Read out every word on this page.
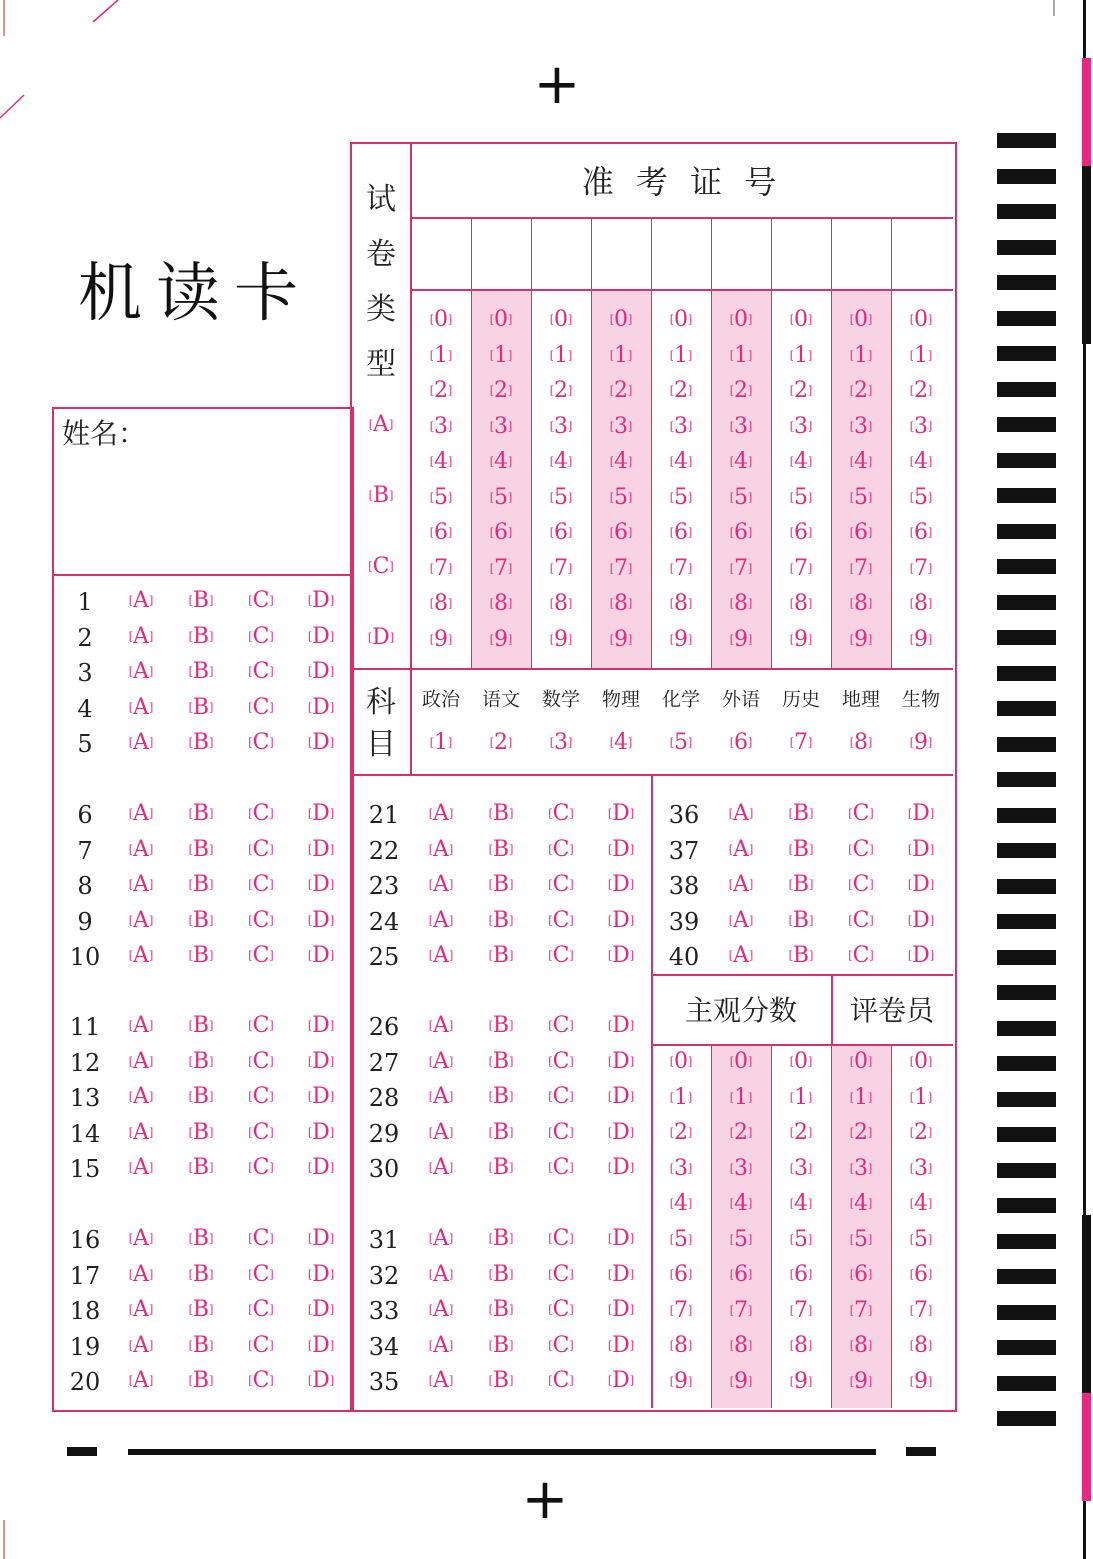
+
+
机读卡
姓名：
准 考 证 号
[0]	[0]	[0]	[0]	[0]	[0]	[0]	[0]	[0]
[1]	[1]	[1]	[1]	[1]	[1]	[1]	[1]	[1]
[2]	[2]	[2]	[2]	[2]	[2]	[2]	[2]	[2]
[3]	[3]	[3]	[3]	[3]	[3]	[3]	[3]	[3]
[4]	[4]	[4]	[4]	[4]	[4]	[4]	[4]	[4]
[5]	[5]	[5]	[5]	[5]	[5]	[5]	[5]	[5]
[6]	[6]	[6]	[6]	[6]	[6]	[6]	[6]	[6]
[7]	[7]	[7]	[7]	[7]	[7]	[7]	[7]	[7]
[8]	[8]	[8]	[8]	[8]	[8]	[8]	[8]	[8]
[9]	[9]	[9]	[9]	[9]	[9]	[9]	[9]	[9]
试
卷
类
型
[A]
[B]
[C]
[D]
科
目
政治 语文 数学 物理 化学 外语 历史 地理 生物
[1]	[2]	[3]	[4]	[5]	[6]	[7]	[8]	[9]
1	[A]	[B]	[C]	[D]
2	[A]	[B]	[C]	[D]
3	[A]	[B]	[C]	[D]
4	[A]	[B]	[C]	[D]
5	[A]	[B]	[C]	[D]
6	[A]	[B]	[C]	[D]
7	[A]	[B]	[C]	[D]
8	[A]	[B]	[C]	[D]
9	[A]	[B]	[C]	[D]
10	[A]	[B]	[C]	[D]
11	[A]	[B]	[C]	[D]
12	[A]	[B]	[C]	[D]
13	[A]	[B]	[C]	[D]
14	[A]	[B]	[C]	[D]
15	[A]	[B]	[C]	[D]
16	[A]	[B]	[C]	[D]
17	[A]	[B]	[C]	[D]
18	[A]	[B]	[C]	[D]
19	[A]	[B]	[C]	[D]
20	[A]	[B]	[C]	[D]
21	[A]	[B]	[C]	[D]
22	[A]	[B]	[C]	[D]
23	[A]	[B]	[C]	[D]
24	[A]	[B]	[C]	[D]
25	[A]	[B]	[C]	[D]
26	[A]	[B]	[C]	[D]
27	[A]	[B]	[C]	[D]
28	[A]	[B]	[C]	[D]
29	[A]	[B]	[C]	[D]
30	[A]	[B]	[C]	[D]
31	[A]	[B]	[C]	[D]
32	[A]	[B]	[C]	[D]
33	[A]	[B]	[C]	[D]
34	[A]	[B]	[C]	[D]
35	[A]	[B]	[C]	[D]
36	[A]	[B]	[C]	[D]
37	[A]	[B]	[C]	[D]
38	[A]	[B]	[C]	[D]
39	[A]	[B]	[C]	[D]
40	[A]	[B]	[C]	[D]
主观分数 评卷员
[0]	[0]	[0]	[0]	[0]
[1]	[1]	[1]	[1]	[1]
[2]	[2]	[2]	[2]	[2]
[3]	[3]	[3]	[3]	[3]
[4]	[4]	[4]	[4]	[4]
[5]	[5]	[5]	[5]	[5]
[6]	[6]	[6]	[6]	[6]
[7]	[7]	[7]	[7]	[7]
[8]	[8]	[8]	[8]	[8]
[9]	[9]	[9]	[9]	[9]
